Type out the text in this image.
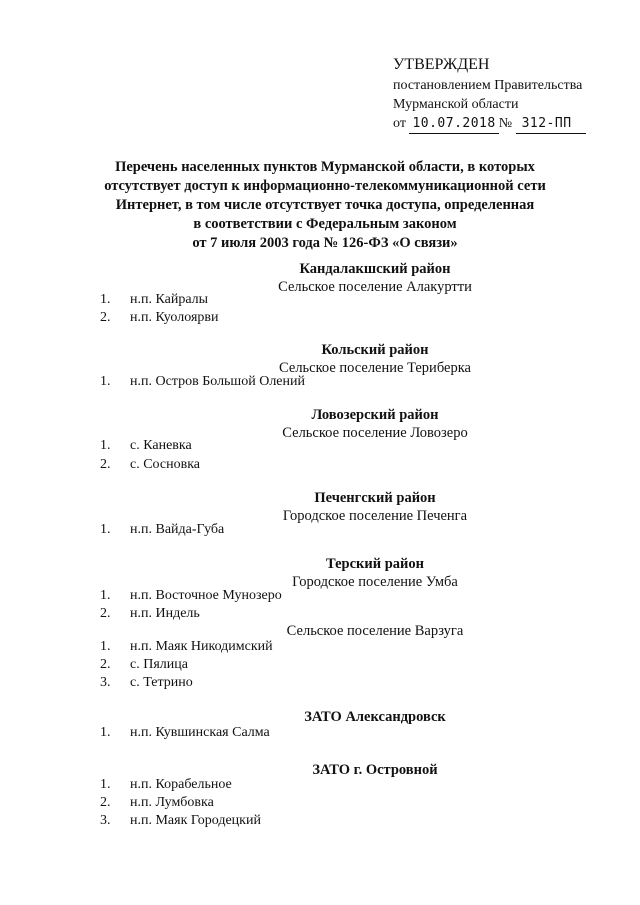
УТВЕРЖДЕН
постановлением Правительства
Мурманской области
от
10.07.2018 №
312-ПП
Перечень населенных пунктов Мурманской области, в которых
отсутствует доступ к информационно-телекоммуникационной сети
Интернет, в том числе отсутствует точка доступа, определенная
в соответствии с Федеральным законом
от 7 июля 2003 года № 126-ФЗ «О связи»
Кандалакшский район
Сельское поселение Алакуртти
1. н.п. Кайралы
2. н.п. Куолоярви
Кольский район
Сельское поселение Териберка
1. н.п. Остров Большой Олений
Ловозерский район
Сельское поселение Ловозеро
1. с. Каневка
2. с. Сосновка
Печенгский район
Городское поселение Печенга
1. н.п. Вайда-Губа
Терский район
Городское поселение Умба
1. н.п. Восточное Мунозеро
2. н.п. Индель
Сельское поселение Варзуга
1. н.п. Маяк Никодимский
2. с. Пялица
3. с. Тетрино
ЗАТО Александровск
1. н.п. Кувшинская Салма
ЗАТО г. Островной
1. н.п. Корабельное
2. н.п. Лумбовка
3. н.п. Маяк Городецкий
